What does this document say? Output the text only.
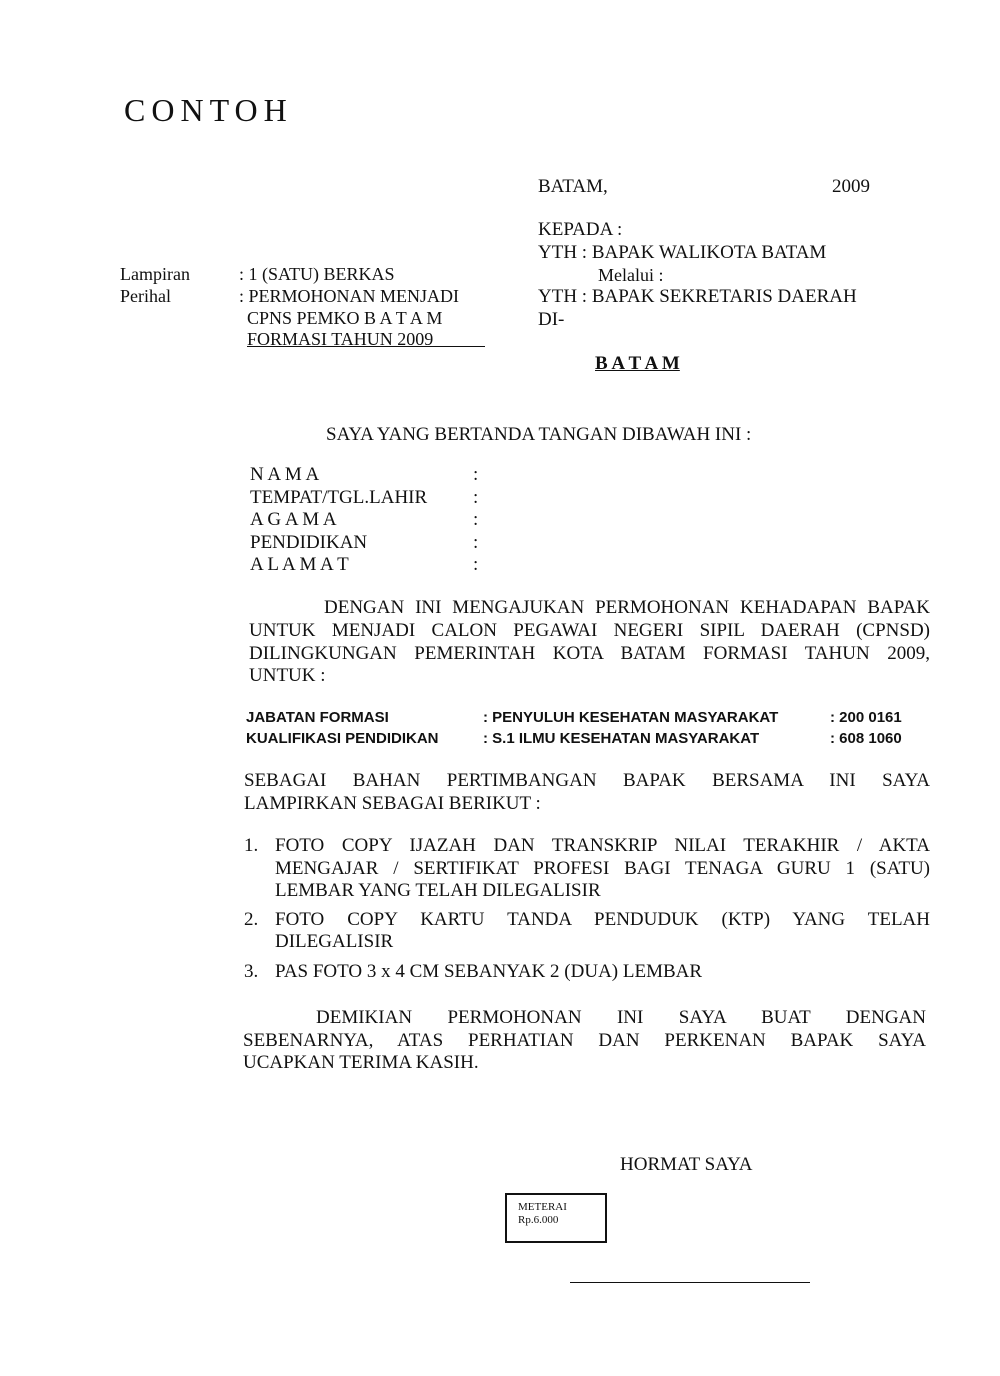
CONTOH
BATAM,	2009
KEPADA :
YTH : BAPAK WALIKOTA BATAM
Melalui :
YTH : BAPAK SEKRETARIS DAERAH
DI-
B A T A M
Lampiran	: 1 (SATU) BERKAS
Perihal	: PERMOHONAN MENJADI
CPNS PEMKO B A T A M
FORMASI TAHUN 2009
SAYA YANG BERTANDA TANGAN DIBAWAH INI :
N A M A	:
TEMPAT/TGL.LAHIR :
A G A M A	:
PENDIDIKAN	:
A L A M A T	:
DENGAN INI MENGAJUKAN PERMOHONAN KEHADAPAN BAPAK
UNTUK MENJADI CALON PEGAWAI NEGERI SIPIL DAERAH (CPNSD)
DILINGKUNGAN PEMERINTAH KOTA BATAM FORMASI TAHUN 2009,
UNTUK :
JABATAN FORMASI	: PENYULUH KESEHATAN MASYARAKAT	: 200 0161
KUALIFIKASI PENDIDIKAN	: S.1 ILMU KESEHATAN MASYARAKAT	: 608 1060
SEBAGAI BAHAN PERTIMBANGAN BAPAK BERSAMA INI SAYA
LAMPIRKAN SEBAGAI BERIKUT :
1. FOTO COPY IJAZAH DAN TRANSKRIP NILAI TERAKHIR / AKTA
MENGAJAR / SERTIFIKAT PROFESI BAGI TENAGA GURU 1 (SATU)
LEMBAR YANG TELAH DILEGALISIR
2. FOTO COPY KARTU TANDA PENDUDUK (KTP) YANG TELAH
DILEGALISIR
3. PAS FOTO 3 x 4 CM SEBANYAK 2 (DUA) LEMBAR
DEMIKIAN PERMOHONAN INI SAYA BUAT DENGAN
SEBENARNYA, ATAS PERHATIAN DAN PERKENAN BAPAK SAYA
UCAPKAN TERIMA KASIH.
HORMAT SAYA
METERAI
Rp.6.000
